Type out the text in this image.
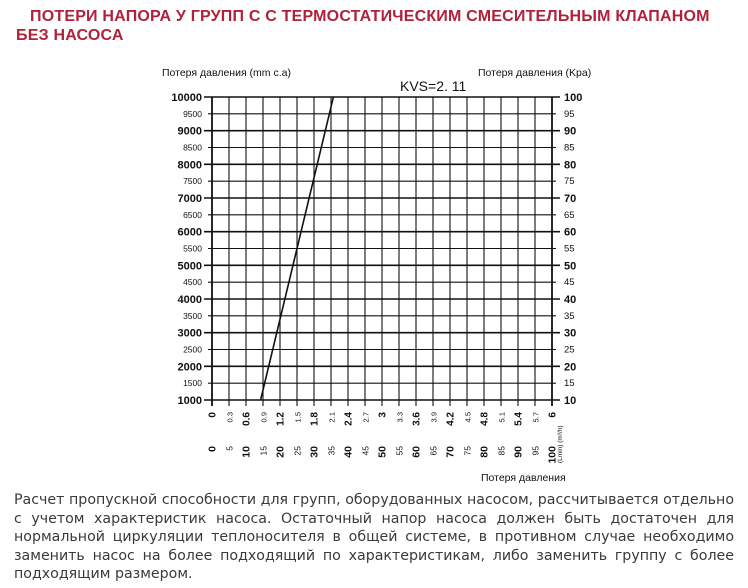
ПОТЕРИ НАПОРА У ГРУПП С С ТЕРМОСТАТИЧЕСКИМ СМЕСИТЕЛЬНЫМ КЛАПАНОМ
БЕЗ НАСОСА
Потеря давления (mm c.a)	Потеря давления (Kpa)
KVS=2. 11
10000
9500
9000
8500
8000
7500
7000
6500
6000
5500
5000
4500
4000
3500
3000
2500
2000
1500
1000
100
95
90
85
80
75
70
65
60
55
50
45
40
35
30
25
20
15
10
0 0.3 0.6 0.9 1.2 1.5 1.8 2.1 2.4 2.7 3 3.3 3.6 3.9 4.2 4.5 4.8 5.1 5.4 5.7 6
0 5 10 15 20 25 30 35 40 45 50 55 60 65 70 75 80 85 90 95 100
(Lmin) (m³/h)
Потеря давления
Расчет пропускной способности для групп, оборудованных насосом, рассчитывается отдельно с учетом характеристик насоса. Остаточный напор насоса должен быть достаточен для нормальной циркуляции теплоносителя в общей системе, в противном случае необходимо заменить насос на более подходящий по характеристикам, либо заменить группу с более подходящим размером.
